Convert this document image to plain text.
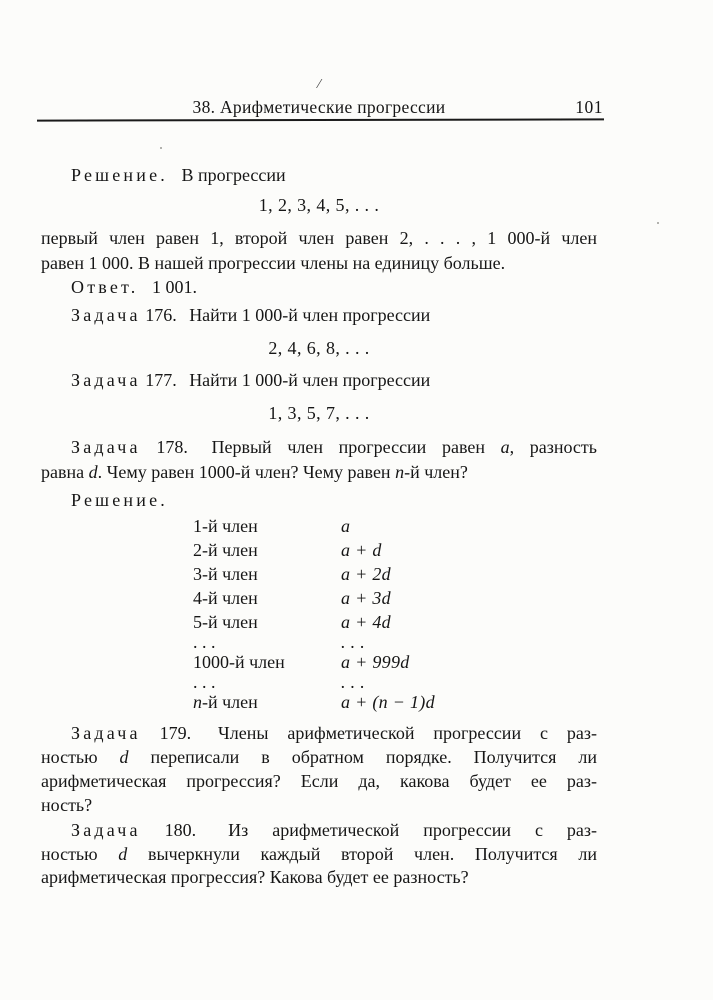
/
38. Арифметические прогрессии	101
Решение. В прогрессии
1, 2, 3, 4, 5, . . .
первый член равен 1, второй член равен 2, . . . , 1 000-й член
равен 1 000. В нашей прогрессии члены на единицу больше.
Ответ. 1 001.
Задача 176. Найти 1 000-й член прогрессии
2, 4, 6, 8, . . .
Задача 177. Найти 1 000-й член прогрессии
1, 3, 5, 7, . . .
Задача 178. Первый член прогрессии равен a, разность
равна d. Чему равен 1000-й член? Чему равен n-й член?
Решение.
1-й член	a
2-й член	a + d
3-й член	a + 2d
4-й член	a + 3d
5-й член	a + 4d
. . .	. . .
1000-й член	a + 999d
. . .	. . .
n-й член	a + (n − 1)d
Задача 179. Члены арифметической прогрессии с раз-
ностью d переписали в обратном порядке. Получится ли
арифметическая прогрессия? Если да, какова будет ее раз-
ность?
Задача 180. Из арифметической прогрессии с раз-
ностью d вычеркнули каждый второй член. Получится ли
арифметическая прогрессия? Какова будет ее разность?
